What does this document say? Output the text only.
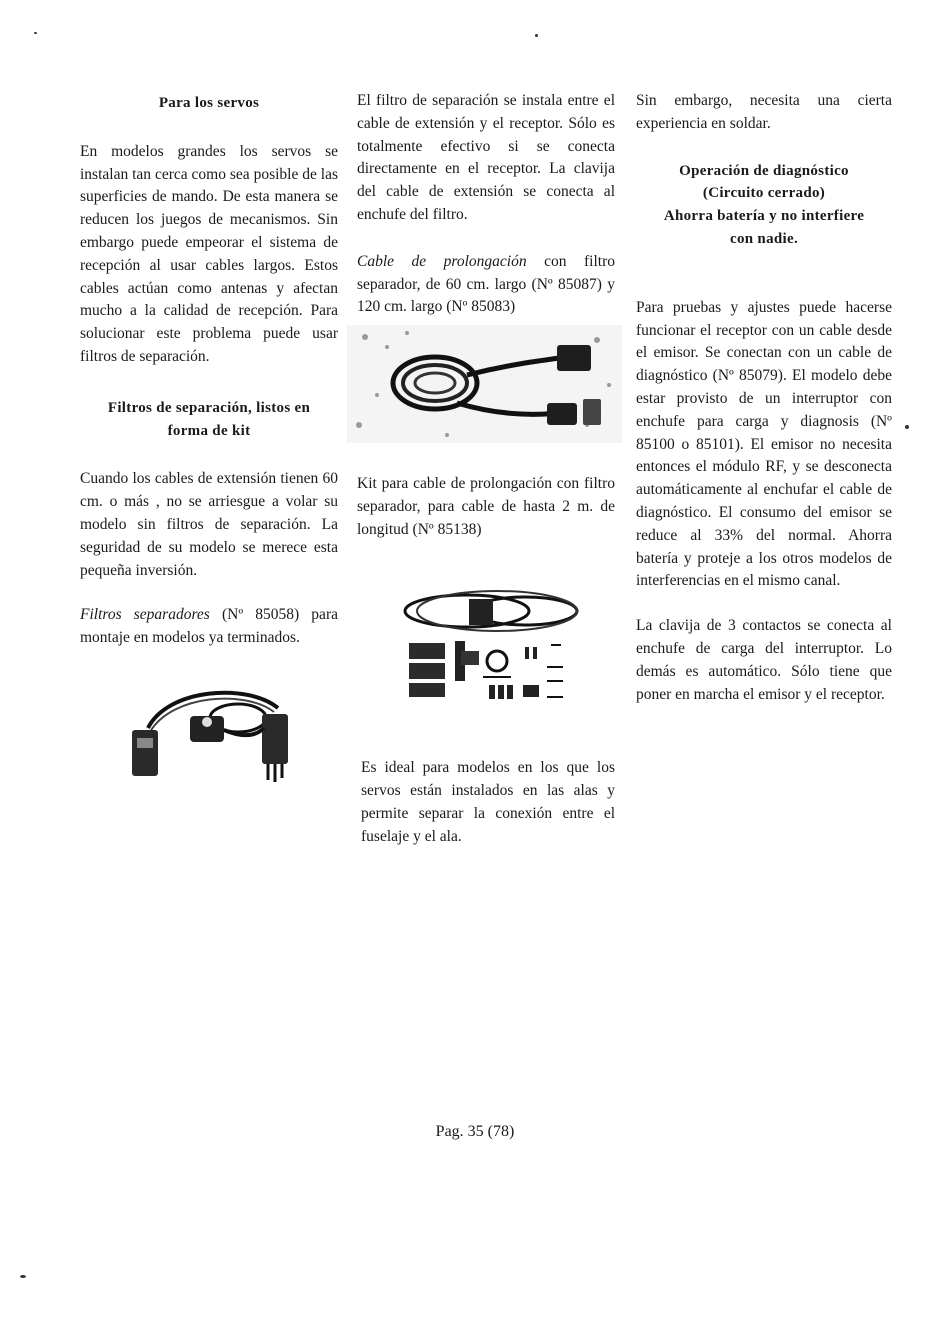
Para los servos

En modelos grandes los servos se instalan tan cerca como sea posible de las superficies de mando. De esta manera se reducen los juegos de mecanismos. Sin embargo puede empeorar el sistema de recepción al usar cables largos. Estos cables actúan como antenas y afectan mucho a la calidad de recepción. Para solucionar este problema puede usar filtros de separación.

Filtros de separación, listos en

forma de kit

Cuando los cables de extensión tienen 60 cm. o más , no se arriesgue a volar su modelo sin filtros de separación. La seguridad de su modelo se merece esta pequeña inversión.

Filtros separadores (Nº 85058) para montaje en modelos ya terminados.

El filtro de separación se instala entre el cable de extensión y el receptor. Sólo es totalmente efectivo si se conecta directamente en el receptor. La clavija del cable de extensión se conecta al enchufe del filtro.

Cable de prolongación con filtro separador, de 60 cm. largo (Nº 85087) y 120 cm. largo (Nº 85083)

Kit para cable de prolongación con filtro separador, para cable de hasta 2 m. de longitud (Nº 85138)

Es ideal para modelos en los que los servos están instalados en las alas y permite separar la conexión entre el fuselaje y el ala.

Sin embargo, necesita una cierta experiencia en soldar.

Operación de diagnóstico

(Circuito cerrado)

Ahorra batería y no interfiere

con nadie.

Para pruebas y ajustes puede hacerse funcionar el receptor con un cable desde el emisor. Se conectan con un cable de diagnóstico (Nº 85079). El modelo debe estar provisto de un interruptor con enchufe para carga y diagnosis (Nº 85100 o 85101). El emisor no necesita entonces el módulo RF, y se desconecta automáticamente al enchufar el cable de diagnóstico. El consumo del emisor se reduce al 33% del normal. Ahorra batería y proteje a los otros modelos de interferencias en el mismo canal.

La clavija de 3 contactos se conecta al enchufe de carga del interruptor. Lo demás es automático. Sólo tiene que poner en marcha el emisor y el receptor.

Pag. 35 (78)
